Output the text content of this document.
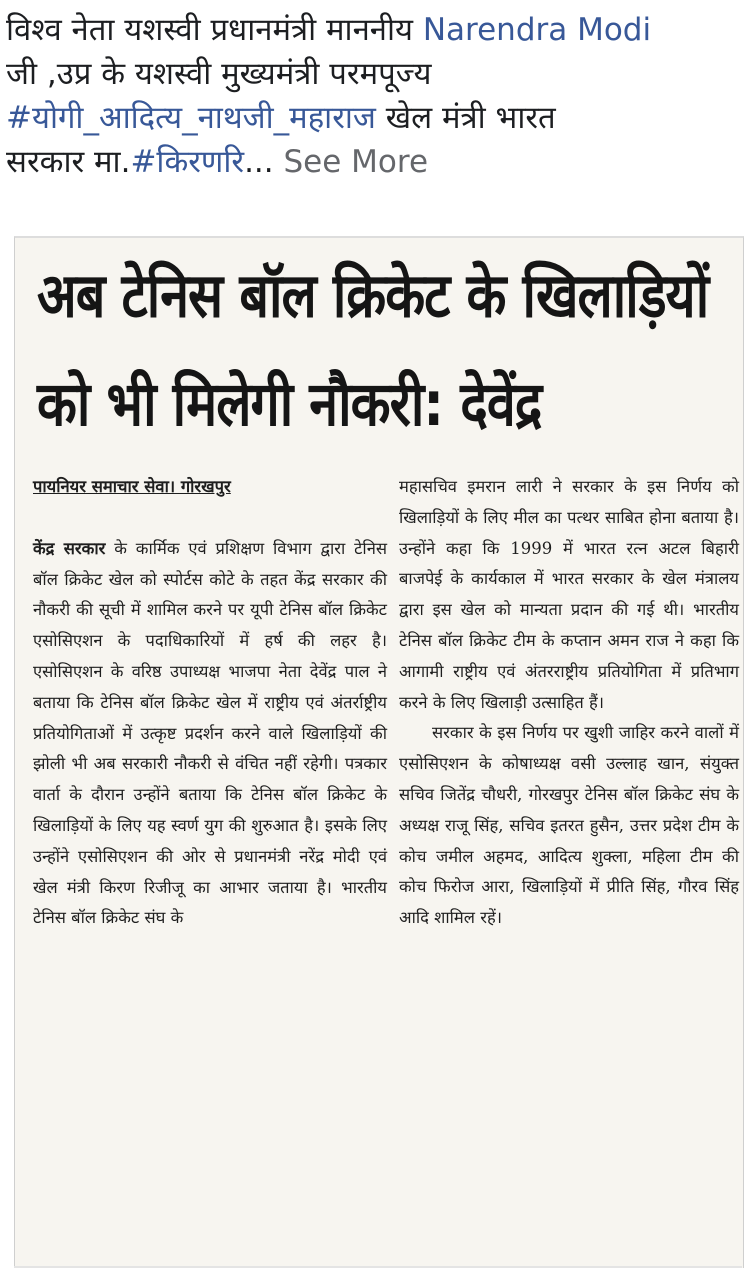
विश्व नेता यशस्वी प्रधानमंत्री माननीय Narendra Modi
जी ,उप्र के यशस्वी मुख्यमंत्री परमपूज्य
#योगी_आदित्य_नाथजी_महाराज खेल मंत्री भारत
सरकार मा.#किरणरि... See More
अब टेनिस बॉल क्रिकेट के खिलाड़ियों
को भी मिलेगी नौकरी: देवेंद्र

पायनियर समाचार सेवा। गोरखपुर

केंद्र सरकार के कार्मिक एवं प्रशिक्षण विभाग द्वारा टेनिस बॉल क्रिकेट खेल को स्पोर्टस कोटे के तहत केंद्र सरकार की नौकरी की सूची में शामिल करने पर यूपी टेनिस बॉल क्रिकेट एसोसिएशन के पदाधिकारियों में हर्ष की लहर है। एसोसिएशन के वरिष्ठ उपाध्यक्ष भाजपा नेता देवेंद्र पाल ने बताया कि टेनिस बॉल क्रिकेट खेल में राष्ट्रीय एवं अंतर्राष्ट्रीय प्रतियोगिताओं में उत्कृष्ट प्रदर्शन करने वाले खिलाड़ियों की झोली भी अब सरकारी नौकरी से वंचित नहीं रहेगी। पत्रकार वार्ता के दौरान उन्होंने बताया कि टेनिस बॉल क्रिकेट के खिलाड़ियों के लिए यह स्वर्ण युग की शुरुआत है। इसके लिए उन्होंने एसोसिएशन की ओर से प्रधानमंत्री नरेंद्र मोदी एवं खेल मंत्री किरण रिजीजू का आभार जताया है। भारतीय टेनिस बॉल क्रिकेट संघ के

महासचिव इमरान लारी ने सरकार के इस निर्णय को खिलाड़ियों के लिए मील का पत्थर साबित होना बताया है। उन्होंने कहा कि 1999 में भारत रत्न अटल बिहारी बाजपेई के कार्यकाल में भारत सरकार के खेल मंत्रालय द्वारा इस खेल को मान्यता प्रदान की गई थी। भारतीय टेनिस बॉल क्रिकेट टीम के कप्तान अमन राज ने कहा कि आगामी राष्ट्रीय एवं अंतरराष्ट्रीय प्रतियोगिता में प्रतिभाग करने के लिए खिलाड़ी उत्साहित हैं।

सरकार के इस निर्णय पर खुशी जाहिर करने वालों में एसोसिएशन के कोषाध्यक्ष वसी उल्लाह खान, संयुक्त सचिव जितेंद्र चौधरी, गोरखपुर टेनिस बॉल क्रिकेट संघ के अध्यक्ष राजू सिंह, सचिव इतरत हुसैन, उत्तर प्रदेश टीम के कोच जमील अहमद, आदित्य शुक्ला, महिला टीम की कोच फिरोज आरा, खिलाड़ियों में प्रीति सिंह, गौरव सिंह आदि शामिल रहें।
